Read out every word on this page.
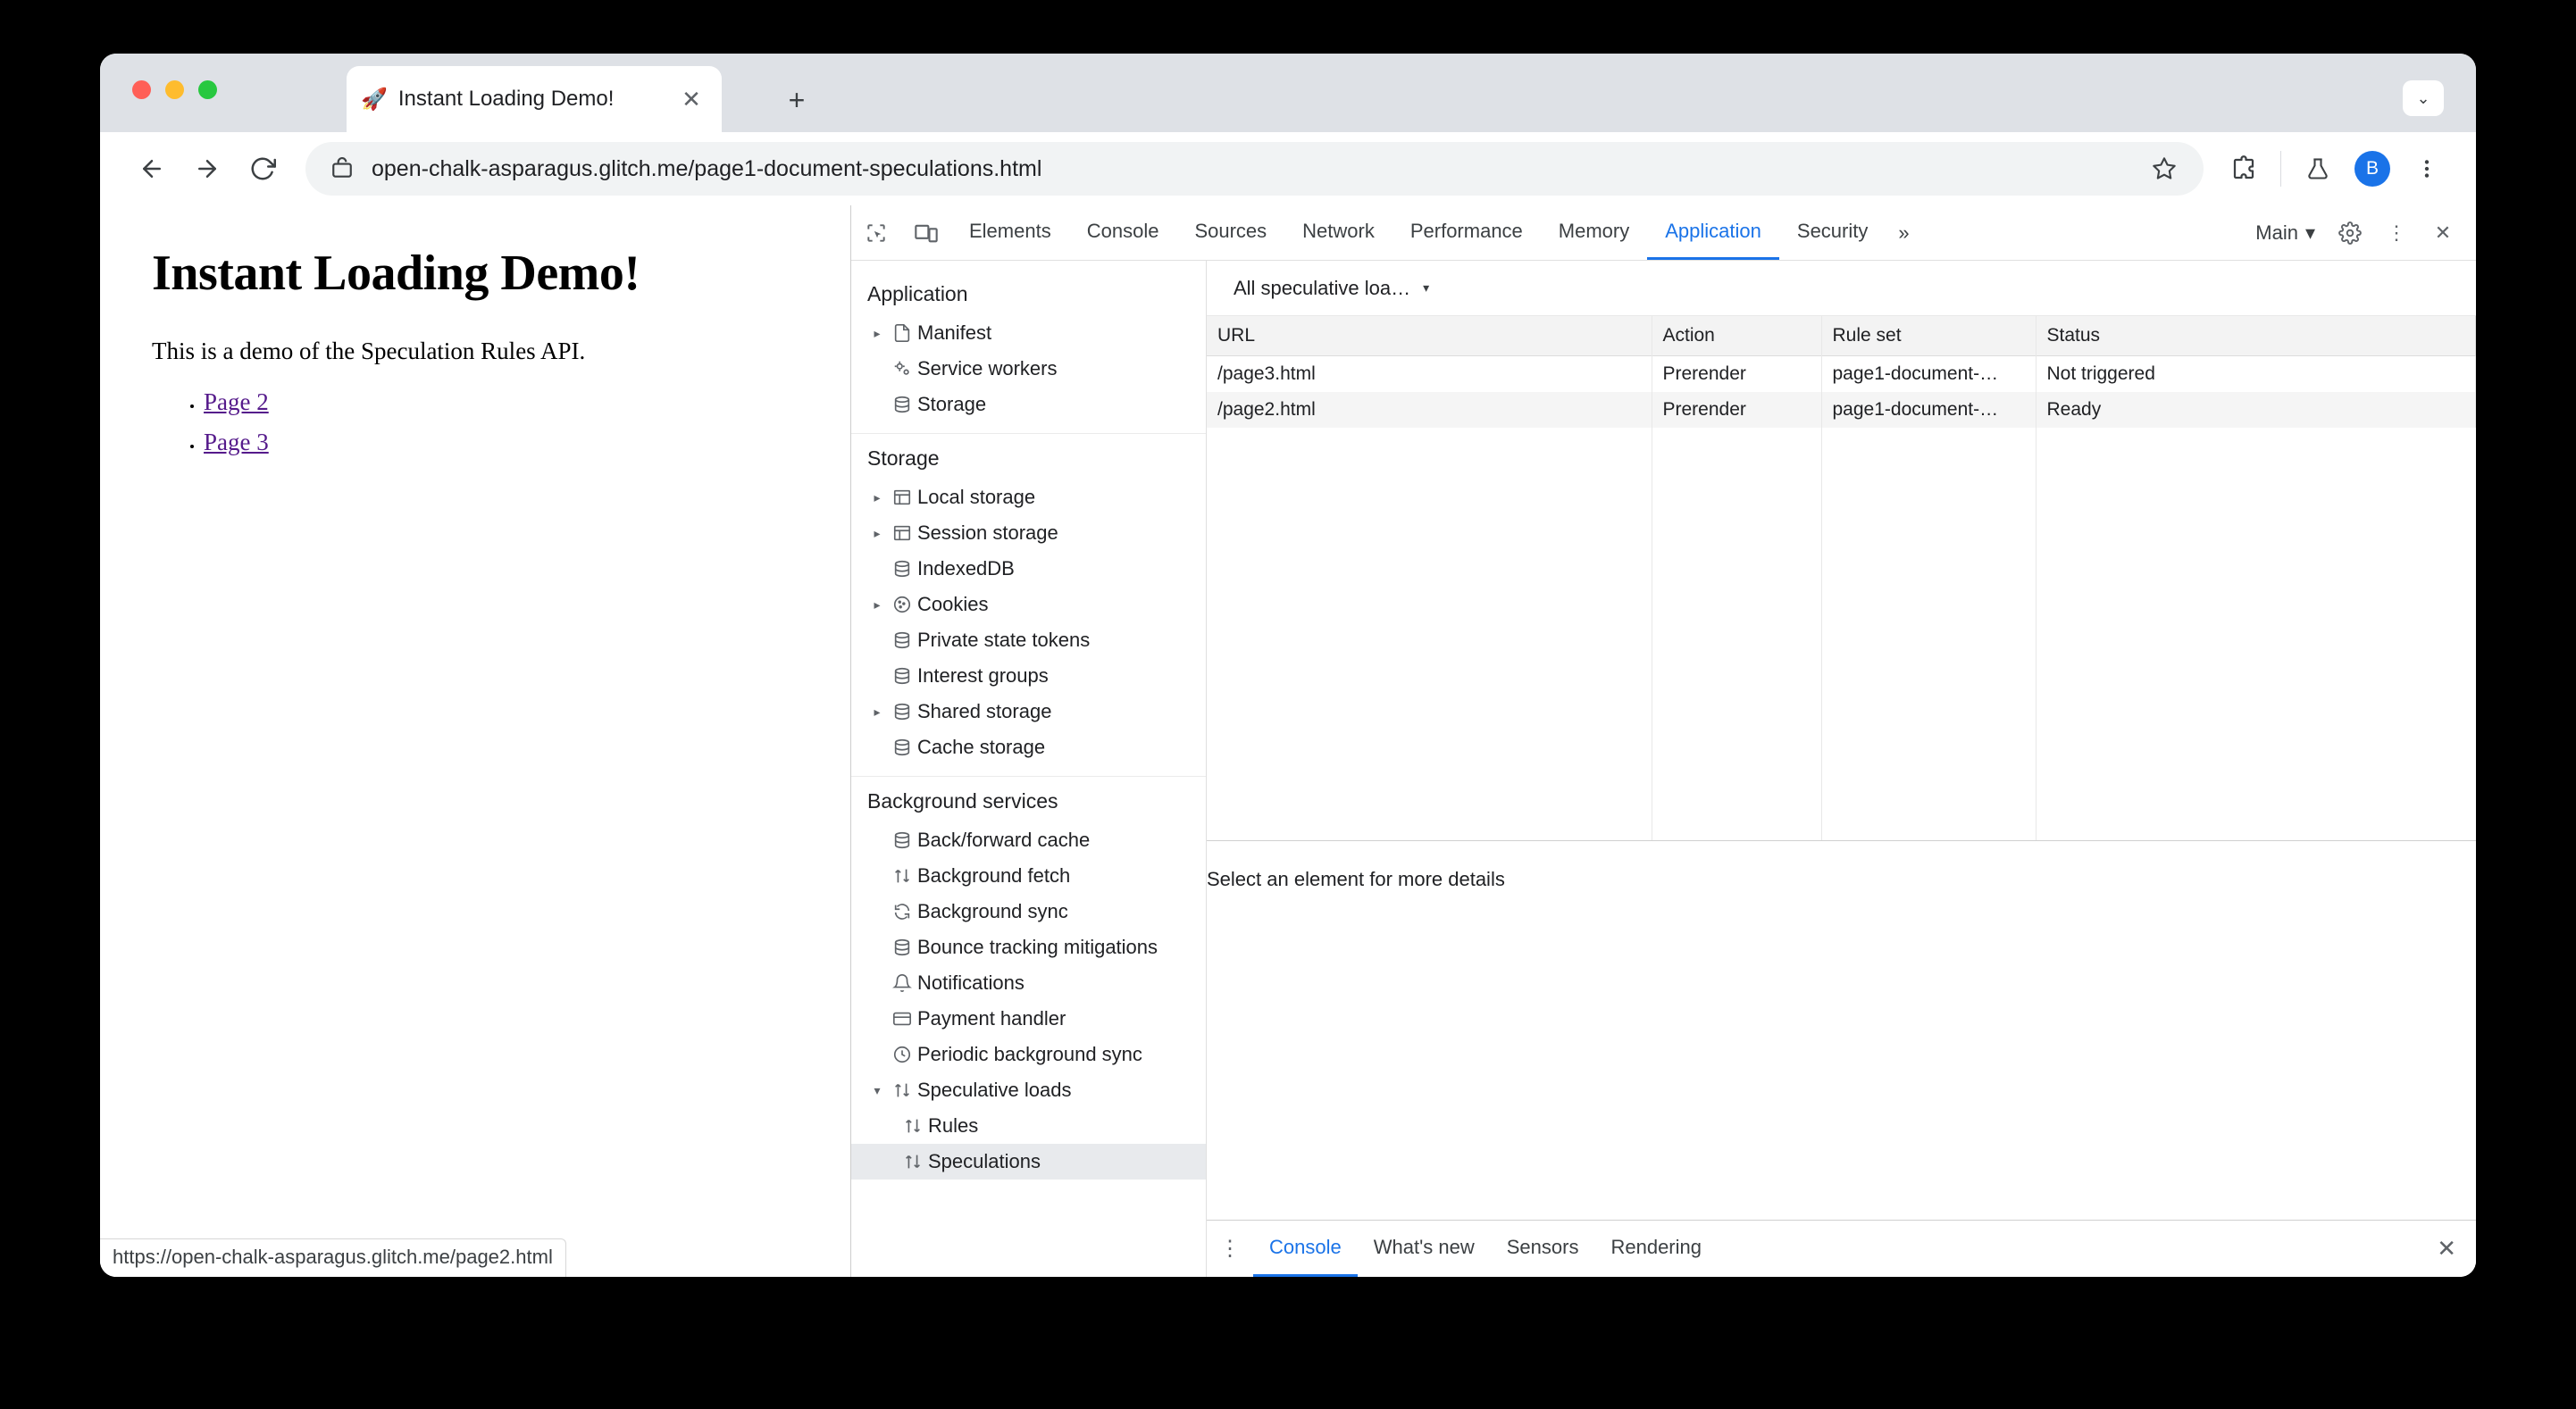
🚀 Instant Loading Demo!	✕	+	⌄
open-chalk-asparagus.glitch.me/page1-document-speculations.html	B
Instant Loading Demo!

This is a demo of the Speculation Rules API.

• Page 2
• Page 3
https://open-chalk-asparagus.glitch.me/page2.html
Elements	Console	Sources	Network	Performance	Memory	Application	Security	»	Main ▾	⋮	✕
Application
▸	Manifest
Service workers
Storage
Storage
▸	Local storage
▸	Session storage
IndexedDB
▸	Cookies
Private state tokens
Interest groups
▸	Shared storage
Cache storage
Background services
Back/forward cache
Background fetch
Background sync
Bounce tracking mitigations
Notifications
Payment handler
Periodic background sync
▾	Speculative loads
Rules
Speculations
All speculative loa… ▾
URL	Action	Rule set	Status
/page3.html	Prerender	page1-document-…	Not triggered
/page2.html	Prerender	page1-document-…	Ready
Select an element for more details
⋮	Console	What's new	Sensors	Rendering	✕
